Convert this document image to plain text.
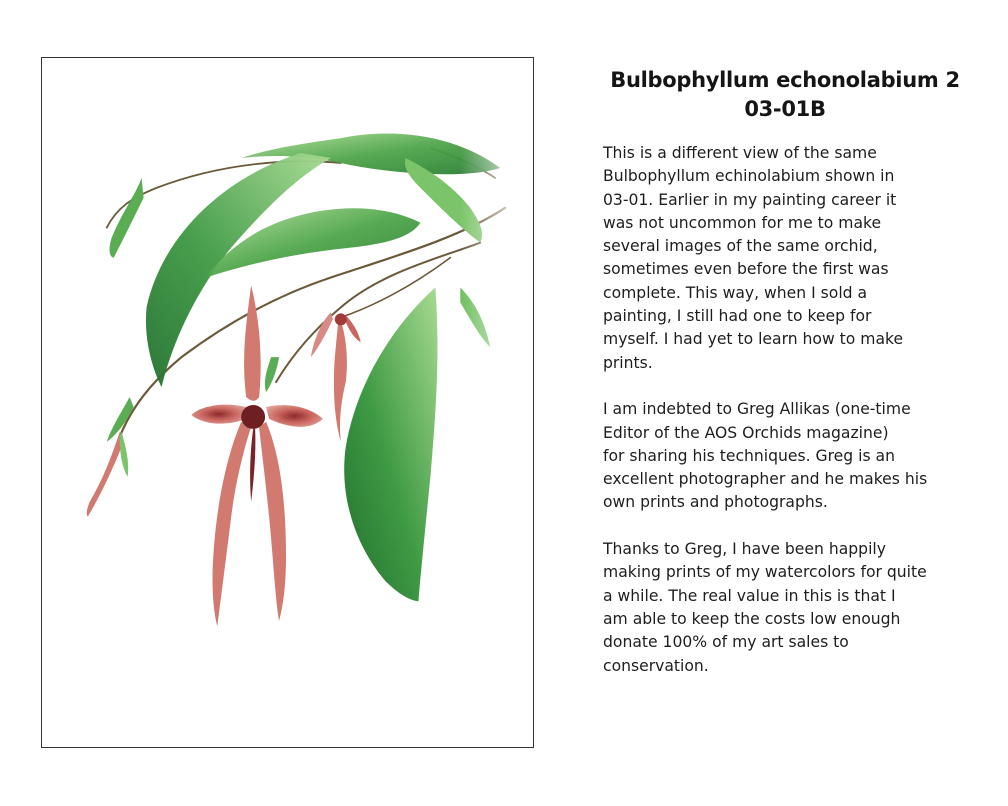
Bulbophyllum echonolabium 2
03-01B

This is a different view of the same
Bulbophyllum echinolabium shown in
03-01. Earlier in my painting career it
was not uncommon for me to make
several images of the same orchid,
sometimes even before the first was
complete. This way, when I sold a
painting, I still had one to keep for
myself. I had yet to learn how to make
prints.

I am indebted to Greg Allikas (one-time
Editor of the AOS Orchids magazine)
for sharing his techniques. Greg is an
excellent photographer and he makes his
own prints and photographs.

Thanks to Greg, I have been happily
making prints of my watercolors for quite
a while. The real value in this is that I
am able to keep the costs low enough
donate 100% of my art sales to
conservation.
